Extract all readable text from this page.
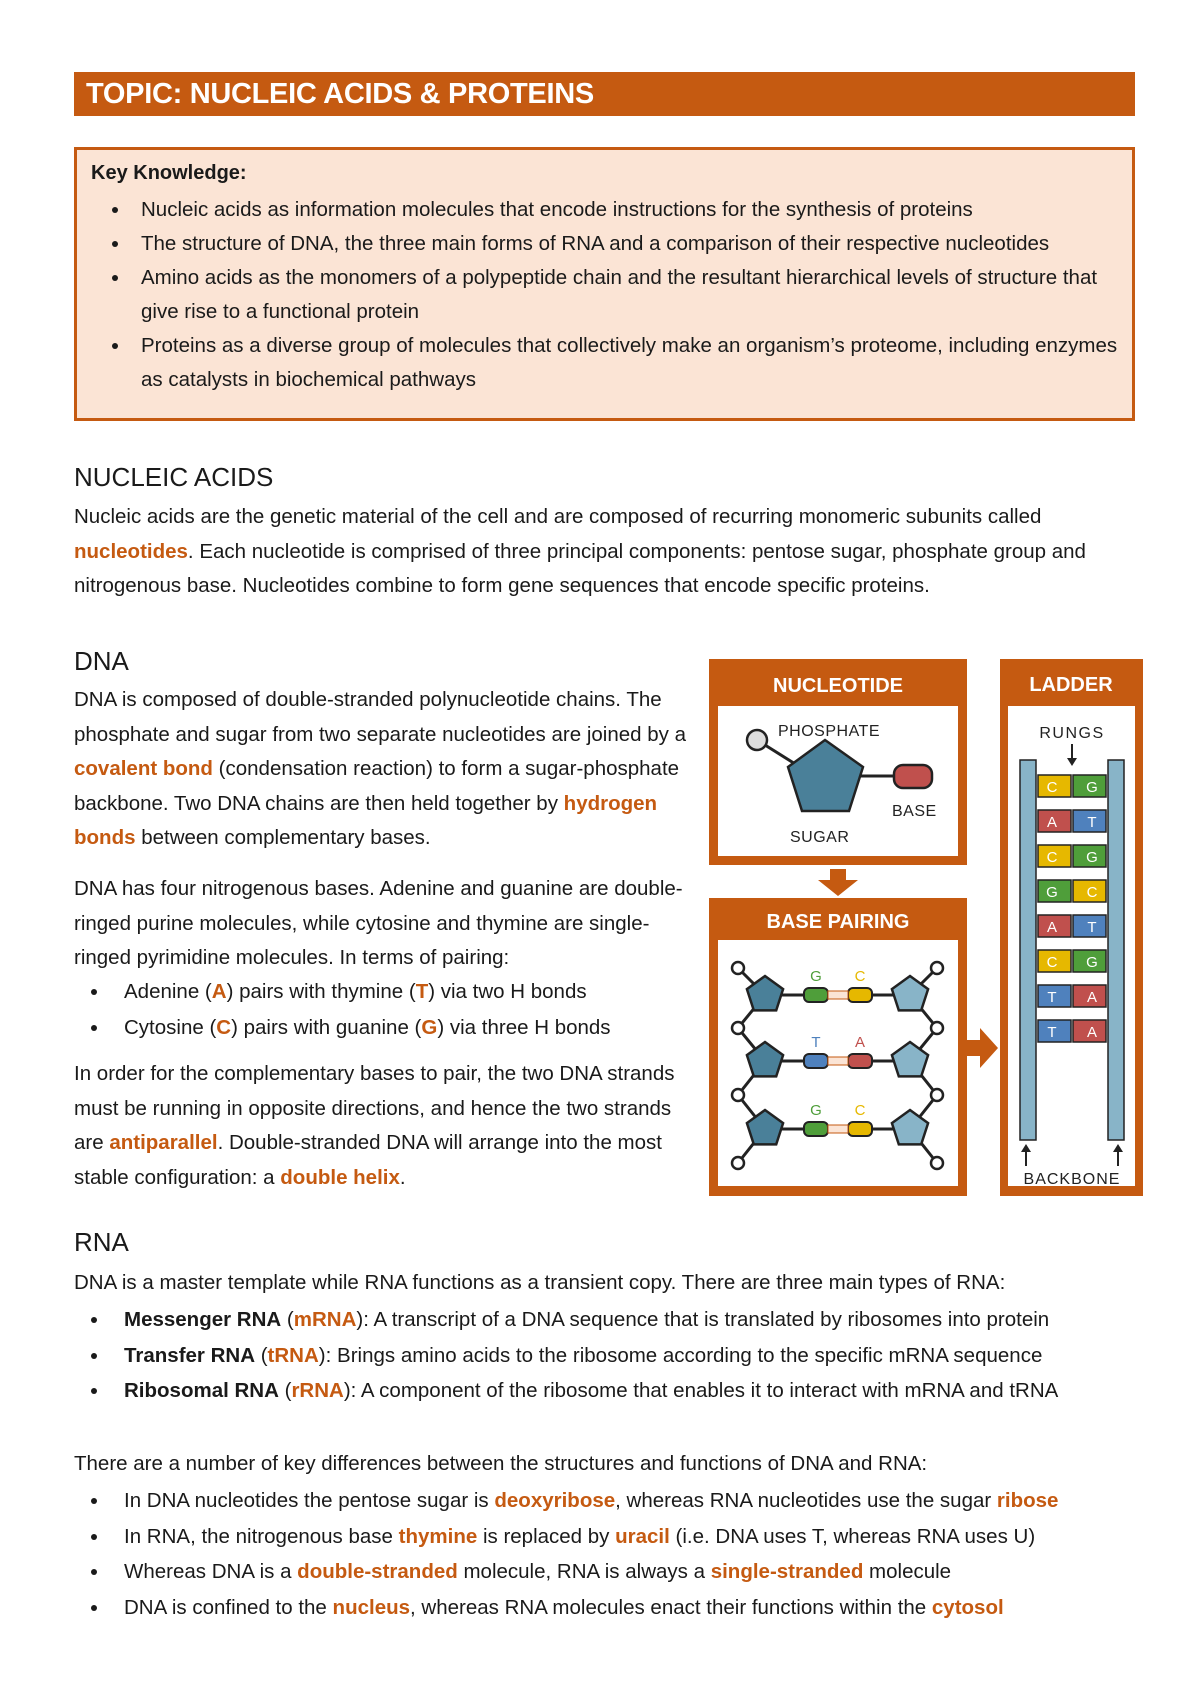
TOPIC: NUCLEIC ACIDS & PROTEINS
Key Knowledge:
• Nucleic acids as information molecules that encode instructions for the synthesis of proteins
• The structure of DNA, the three main forms of RNA and a comparison of their respective nucleotides
• Amino acids as the monomers of a polypeptide chain and the resultant hierarchical levels of structure that give rise to a functional protein
• Proteins as a diverse group of molecules that collectively make an organism’s proteome, including enzymes as catalysts in biochemical pathways
NUCLEIC ACIDS

Nucleic acids are the genetic material of the cell and are composed of recurring monomeric subunits called nucleotides. Each nucleotide is comprised of three principal components: pentose sugar, phosphate group and nitrogenous base. Nucleotides combine to form gene sequences that encode specific proteins.

DNA

DNA is composed of double-stranded polynucleotide chains. The phosphate and sugar from two separate nucleotides are joined by a covalent bond (condensation reaction) to form a sugar-phosphate backbone. Two DNA chains are then held together by hydrogen bonds between complementary bases.

DNA has four nitrogenous bases. Adenine and guanine are double-ringed purine molecules, while cytosine and thymine are single-ringed pyrimidine molecules. In terms of pairing:

• Adenine (A) pairs with thymine (T) via two H bonds
• Cytosine (C) pairs with guanine (G) via three H bonds

In order for the complementary bases to pair, the two DNA strands must be running in opposite directions, and hence the two strands are antiparallel. Double-stranded DNA will arrange into the most stable configuration: a double helix.

NUCLEOTIDE
PHOSPHATE
BASE
SUGAR
BASE PAIRING
G C
T A
G C
LADDER
RUNGS
C G
A T
C G
G C
A T
C G
T A
T A
BACKBONE
RNA

DNA is a master template while RNA functions as a transient copy. There are three main types of RNA:

• Messenger RNA (mRNA): A transcript of a DNA sequence that is translated by ribosomes into protein
• Transfer RNA (tRNA): Brings amino acids to the ribosome according to the specific mRNA sequence
• Ribosomal RNA (rRNA): A component of the ribosome that enables it to interact with mRNA and tRNA

There are a number of key differences between the structures and functions of DNA and RNA:

• In DNA nucleotides the pentose sugar is deoxyribose, whereas RNA nucleotides use the sugar ribose
• In RNA, the nitrogenous base thymine is replaced by uracil (i.e. DNA uses T, whereas RNA uses U)
• Whereas DNA is a double-stranded molecule, RNA is always a single-stranded molecule
• DNA is confined to the nucleus, whereas RNA molecules enact their functions within the cytosol
